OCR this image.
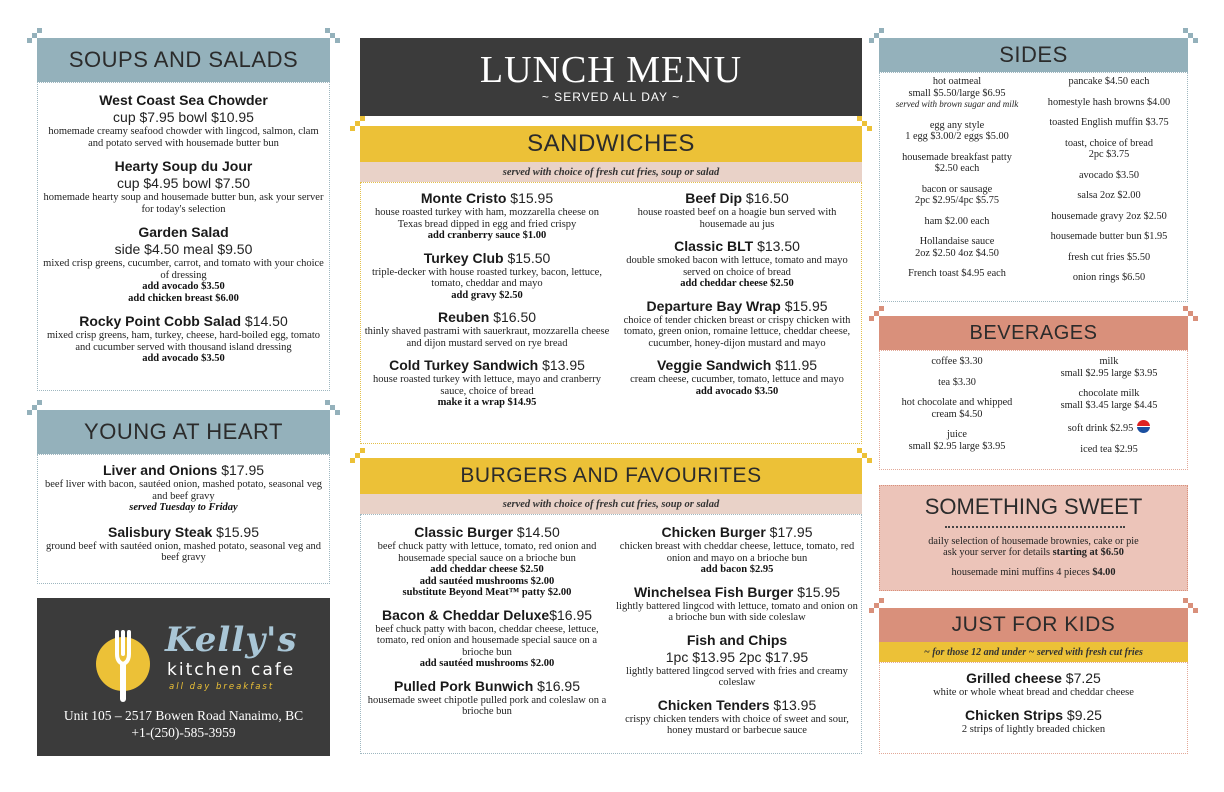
SOUPS AND SALADS
West Coast Sea Chowder
cup $7.95 bowl $10.95
homemade creamy seafood chowder with lingcod, salmon, clam and potato served with housemade butter bun
Hearty Soup du Jour
cup $4.95 bowl $7.50
homemade hearty soup and housemade butter bun, ask your server for today's selection
Garden Salad
side $4.50 meal $9.50
mixed crisp greens, cucumber, carrot, and tomato with your choice of dressing
add avocado $3.50
add chicken breast $6.00
Rocky Point Cobb Salad $14.50
mixed crisp greens, ham, turkey, cheese, hard-boiled egg, tomato and cucumber served with thousand island dressing
add avocado $3.50
YOUNG AT HEART
Liver and Onions $17.95
beef liver with bacon, sautéed onion, mashed potato, seasonal veg and beef gravy
served Tuesday to Friday
Salisbury Steak $15.95
ground beef with sautéed onion, mashed potato, seasonal veg and beef gravy
Kelly's
kitchen cafe
all day breakfast
Unit 105 – 2517 Bowen Road Nanaimo, BC
+1-(250)-585-3959
LUNCH MENU
~ SERVED ALL DAY ~
SANDWICHES
served with choice of fresh cut fries, soup or salad
Monte Cristo $15.95
house roasted turkey with ham, mozzarella cheese on Texas bread dipped in egg and fried crispy
add cranberry sauce $1.00
Turkey Club $15.50
triple-decker with house roasted turkey, bacon, lettuce, tomato, cheddar and mayo
add gravy $2.50
Reuben $16.50
thinly shaved pastrami with sauerkraut, mozzarella cheese and dijon mustard served on rye bread
Cold Turkey Sandwich $13.95
house roasted turkey with lettuce, mayo and cranberry sauce, choice of bread
make it a wrap $14.95
Beef Dip $16.50
house roasted beef on a hoagie bun served with housemade au jus
Classic BLT $13.50
double smoked bacon with lettuce, tomato and mayo served on choice of bread
add cheddar cheese $2.50
Departure Bay Wrap $15.95
choice of tender chicken breast or crispy chicken with tomato, green onion, romaine lettuce, cheddar cheese, cucumber, honey-dijon mustard and mayo
Veggie Sandwich $11.95
cream cheese, cucumber, tomato, lettuce and mayo
add avocado $3.50
BURGERS AND FAVOURITES
served with choice of fresh cut fries, soup or salad
Classic Burger $14.50
beef chuck patty with lettuce, tomato, red onion and housemade special sauce on a brioche bun
add cheddar cheese $2.50
add sautéed mushrooms $2.00
substitute Beyond Meat™ patty $2.00
Bacon & Cheddar Deluxe$16.95
beef chuck patty with bacon, cheddar cheese, lettuce, tomato, red onion and housemade special sauce on a brioche bun
add sautéed mushrooms $2.00
Pulled Pork Bunwich $16.95
housemade sweet chipotle pulled pork and coleslaw on a brioche bun
Chicken Burger $17.95
chicken breast with cheddar cheese, lettuce, tomato, red onion and mayo on a brioche bun
add bacon $2.95
Winchelsea Fish Burger $15.95
lightly battered lingcod with lettuce, tomato and onion on a brioche bun with side coleslaw
Fish and Chips
1pc $13.95 2pc $17.95
lightly battered lingcod served with fries and creamy coleslaw
Chicken Tenders $13.95
crispy chicken tenders with choice of sweet and sour, honey mustard or barbecue sauce
SIDES
hot oatmeal
small $5.50/large $6.95
served with brown sugar and milk
egg any style
1 egg $3.00/2 eggs $5.00
housemade breakfast patty
$2.50 each
bacon or sausage
2pc $2.95/4pc $5.75
ham $2.00 each
Hollandaise sauce
2oz $2.50 4oz $4.50
French toast $4.95 each
pancake $4.50 each
homestyle hash browns $4.00
toasted English muffin $3.75
toast, choice of bread
2pc $3.75
avocado $3.50
salsa 2oz $2.00
housemade gravy 2oz $2.50
housemade butter bun $1.95
fresh cut fries $5.50
onion rings $6.50
BEVERAGES
coffee $3.30
tea $3.30
hot chocolate and whipped
cream $4.50
juice
small $2.95 large $3.95
milk
small $2.95 large $3.95
chocolate milk
small $3.45 large $4.45
soft drink $2.95
iced tea $2.95
SOMETHING SWEET
daily selection of housemade brownies, cake or pie
ask your server for details starting at $6.50
housemade mini muffins 4 pieces $4.00
JUST FOR KIDS
~ for those 12 and under ~ served with fresh cut fries
Grilled cheese $7.25
white or whole wheat bread and cheddar cheese
Chicken Strips $9.25
2 strips of lightly breaded chicken
